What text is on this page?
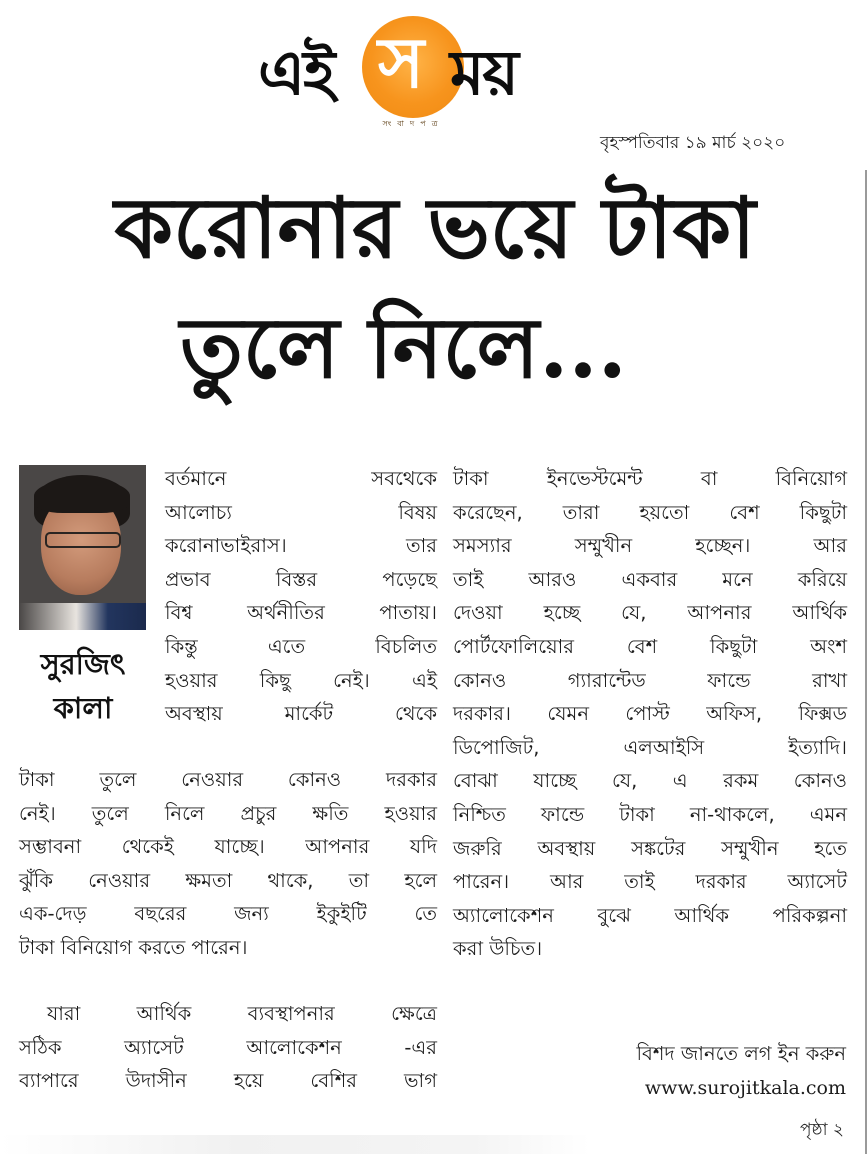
এই স ময়
সংবাদপত্র
বৃহস্পতিবার ১৯ মার্চ ২০২০
করোনার ভয়ে টাকা
তুলে নিলে...
সুরজিৎ
কালা
বর্তমানে সবথেকে
আলোচ্য বিষয়
করোনাভাইরাস। তার
প্রভাব বিস্তর পড়েছে
বিশ্ব অর্থনীতির পাতায়।
কিন্তু এতে বিচলিত
হওয়ার কিছু নেই। এই
অবস্থায় মার্কেট থেকে
টাকা তুলে নেওয়ার কোনও দরকার
নেই। তুলে নিলে প্রচুর ক্ষতি হওয়ার
সম্ভাবনা থেকেই যাচ্ছে। আপনার যদি
ঝুঁকি নেওয়ার ক্ষমতা থাকে, তা হলে
এক-দেড় বছরের জন্য ইকুইটি তে
টাকা বিনিয়োগ করতে পারেন।
যারা আর্থিক ব্যবস্থাপনার ক্ষেত্রে
সঠিক অ্যাসেট আলোকেশন -এর
ব্যাপারে উদাসীন হয়ে বেশির ভাগ
টাকা ইনভেস্টমেন্ট বা বিনিয়োগ
করেছেন, তারা হয়তো বেশ কিছুটা
সমস্যার সম্মুখীন হচ্ছেন। আর
তাই আরও একবার মনে করিয়ে
দেওয়া হচ্ছে যে, আপনার আর্থিক
পোর্টফোলিয়োর বেশ কিছুটা অংশ
কোনও গ্যারান্টেড ফান্ডে রাখা
দরকার। যেমন পোস্ট অফিস, ফিক্সড
ডিপোজিট, এলআইসি ইত্যাদি।
বোঝা যাচ্ছে যে, এ রকম কোনও
নিশ্চিত ফান্ডে টাকা না-থাকলে, এমন
জরুরি অবস্থায় সঙ্কটের সম্মুখীন হতে
পারেন। আর তাই দরকার অ্যাসেট
অ্যালোকেশন বুঝে আর্থিক পরিকল্পনা
করা উচিত।
বিশদ জানতে লগ ইন করুন
www.surojitkala.com
পৃষ্ঠা ২
